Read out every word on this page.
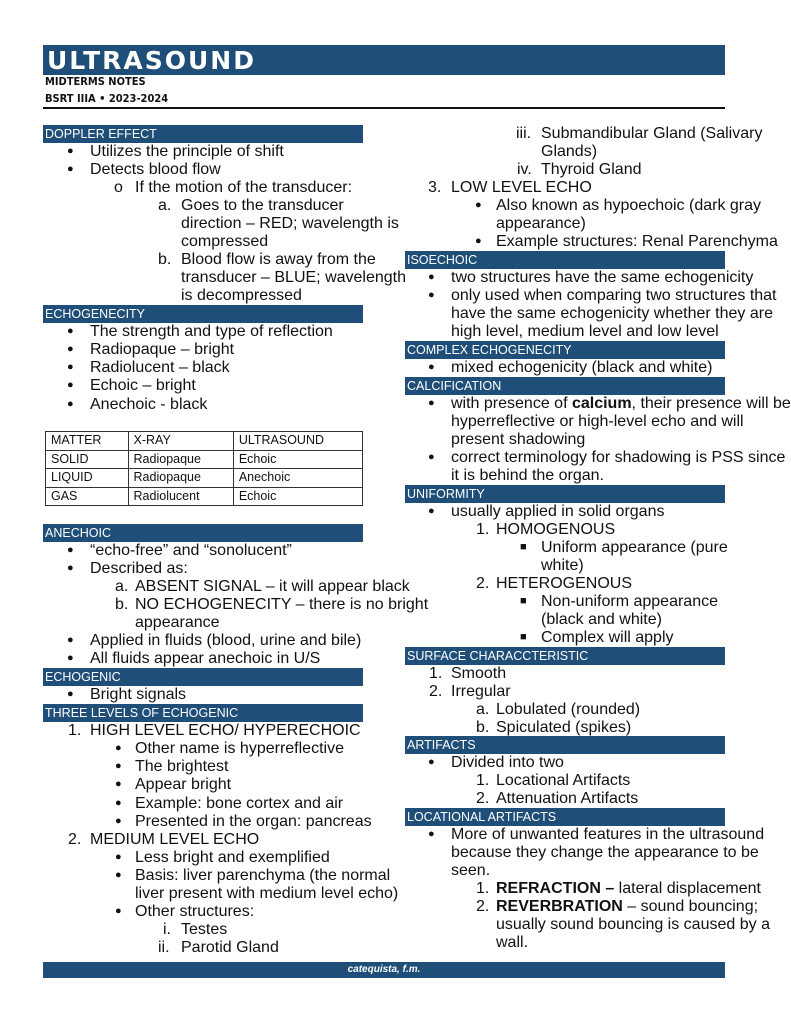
ULTRASOUND
MIDTERMS NOTES
BSRT IIIA • 2023-2024
DOPPLER EFFECT
● Utilizes the principle of shift
● Detects blood flow
o If the motion of the transducer:
a. Goes to the transducer
direction – RED; wavelength is
compressed
b. Blood flow is away from the
transducer – BLUE; wavelength
is decompressed
ECHOGENECITY
● The strength and type of reflection
● Radiopaque – bright
● Radiolucent – black
● Echoic – bright
● Anechoic - black
MATTER	X-RAY	ULTRASOUND
SOLID	Radiopaque	Echoic
LIQUID	Radiopaque	Anechoic
GAS	Radiolucent	Echoic
ANECHOIC
● “echo-free” and “sonolucent”
● Described as:
a. ABSENT SIGNAL – it will appear black
b. NO ECHOGENECITY – there is no bright
appearance
● Applied in fluids (blood, urine and bile)
● All fluids appear anechoic in U/S
ECHOGENIC
● Bright signals
THREE LEVELS OF ECHOGENIC
1. HIGH LEVEL ECHO/ HYPERECHOIC
● Other name is hyperreflective
● The brightest
● Appear bright
● Example: bone cortex and air
● Presented in the organ: pancreas
2. MEDIUM LEVEL ECHO
● Less bright and exemplified
● Basis: liver parenchyma (the normal
liver present with medium level echo)
● Other structures:
i. Testes
ii. Parotid Gland
iii. Submandibular Gland (Salivary
Glands)
iv. Thyroid Gland
3. LOW LEVEL ECHO
● Also known as hypoechoic (dark gray
appearance)
● Example structures: Renal Parenchyma
ISOECHOIC
● two structures have the same echogenicity
● only used when comparing two structures that
have the same echogenicity whether they are
high level, medium level and low level
COMPLEX ECHOGENECITY
● mixed echogenicity (black and white)
CALCIFICATION
● with presence of calcium, their presence will be
hyperreflective or high-level echo and will
present shadowing
● correct terminology for shadowing is PSS since
it is behind the organ.
UNIFORMITY
● usually applied in solid organs
1. HOMOGENOUS
■ Uniform appearance (pure
white)
2. HETEROGENOUS
■ Non-uniform appearance
(black and white)
■ Complex will apply
SURFACE CHARACCTERISTIC
1. Smooth
2. Irregular
a. Lobulated (rounded)
b. Spiculated (spikes)
ARTIFACTS
● Divided into two
1. Locational Artifacts
2. Attenuation Artifacts
LOCATIONAL ARTIFACTS
● More of unwanted features in the ultrasound
because they change the appearance to be
seen.
1. REFRACTION – lateral displacement
2. REVERBRATION – sound bouncing;
usually sound bouncing is caused by a
wall.
catequista, f.m.
